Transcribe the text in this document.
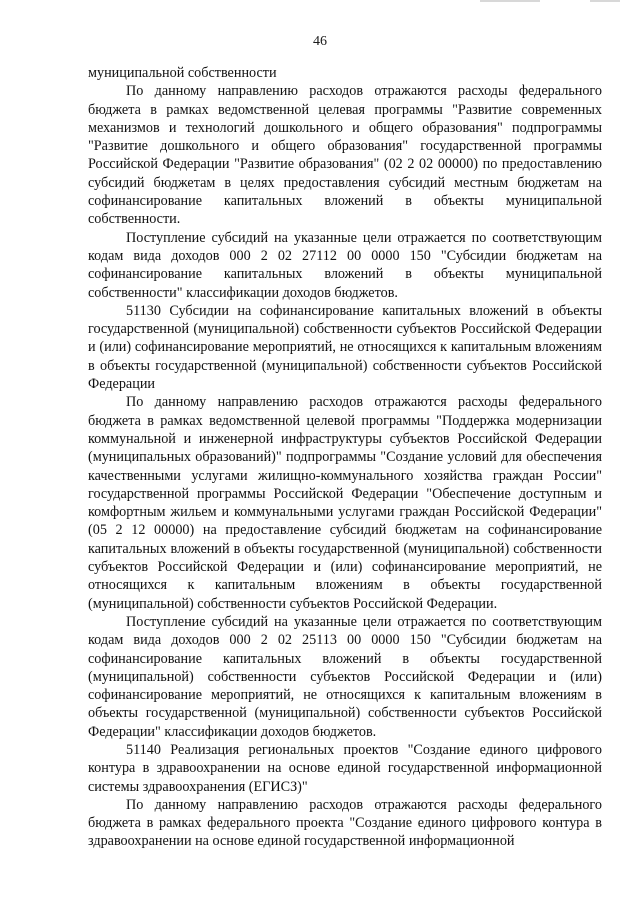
46

муниципальной собственности

По данному направлению расходов отражаются расходы федерального бюджета в рамках ведомственной целевая программы "Развитие современных механизмов и технологий дошкольного и общего образования" подпрограммы "Развитие дошкольного и общего образования" государственной программы Российской Федерации "Развитие образования" (02 2 02 00000) по предоставлению субсидий бюджетам в целях предоставления субсидий местным бюджетам на софинансирование капитальных вложений в объекты муниципальной собственности.

Поступление субсидий на указанные цели отражается по соответствующим кодам вида доходов 000 2 02 27112 00 0000 150 "Субсидии бюджетам на софинансирование капитальных вложений в объекты муниципальной собственности" классификации доходов бюджетов.

51130 Субсидии на софинансирование капитальных вложений в объекты государственной (муниципальной) собственности субъектов Российской Федерации и (или) софинансирование мероприятий, не относящихся к капитальным вложениям в объекты государственной (муниципальной) собственности субъектов Российской Федерации

По данному направлению расходов отражаются расходы федерального бюджета в рамках ведомственной целевой программы "Поддержка модернизации коммунальной и инженерной инфраструктуры субъектов Российской Федерации (муниципальных образований)" подпрограммы "Создание условий для обеспечения качественными услугами жилищно-коммунального хозяйства граждан России" государственной программы Российской Федерации "Обеспечение доступным и комфортным жильем и коммунальными услугами граждан Российской Федерации" (05 2 12 00000) на предоставление субсидий бюджетам на софинансирование капитальных вложений в объекты государственной (муниципальной) собственности субъектов Российской Федерации и (или) софинансирование мероприятий, не относящихся к капитальным вложениям в объекты государственной (муниципальной) собственности субъектов Российской Федерации.

Поступление субсидий на указанные цели отражается по соответствующим кодам вида доходов 000 2 02 25113 00 0000 150 "Субсидии бюджетам на софинансирование капитальных вложений в объекты государственной (муниципальной) собственности субъектов Российской Федерации и (или) софинансирование мероприятий, не относящихся к капитальным вложениям в объекты государственной (муниципальной) собственности субъектов Российской Федерации" классификации доходов бюджетов.

51140 Реализация региональных проектов "Создание единого цифрового контура в здравоохранении на основе единой государственной информационной системы здравоохранения (ЕГИСЗ)"

По данному направлению расходов отражаются расходы федерального бюджета в рамках федерального проекта "Создание единого цифрового контура в здравоохранении на основе единой государственной информационной
